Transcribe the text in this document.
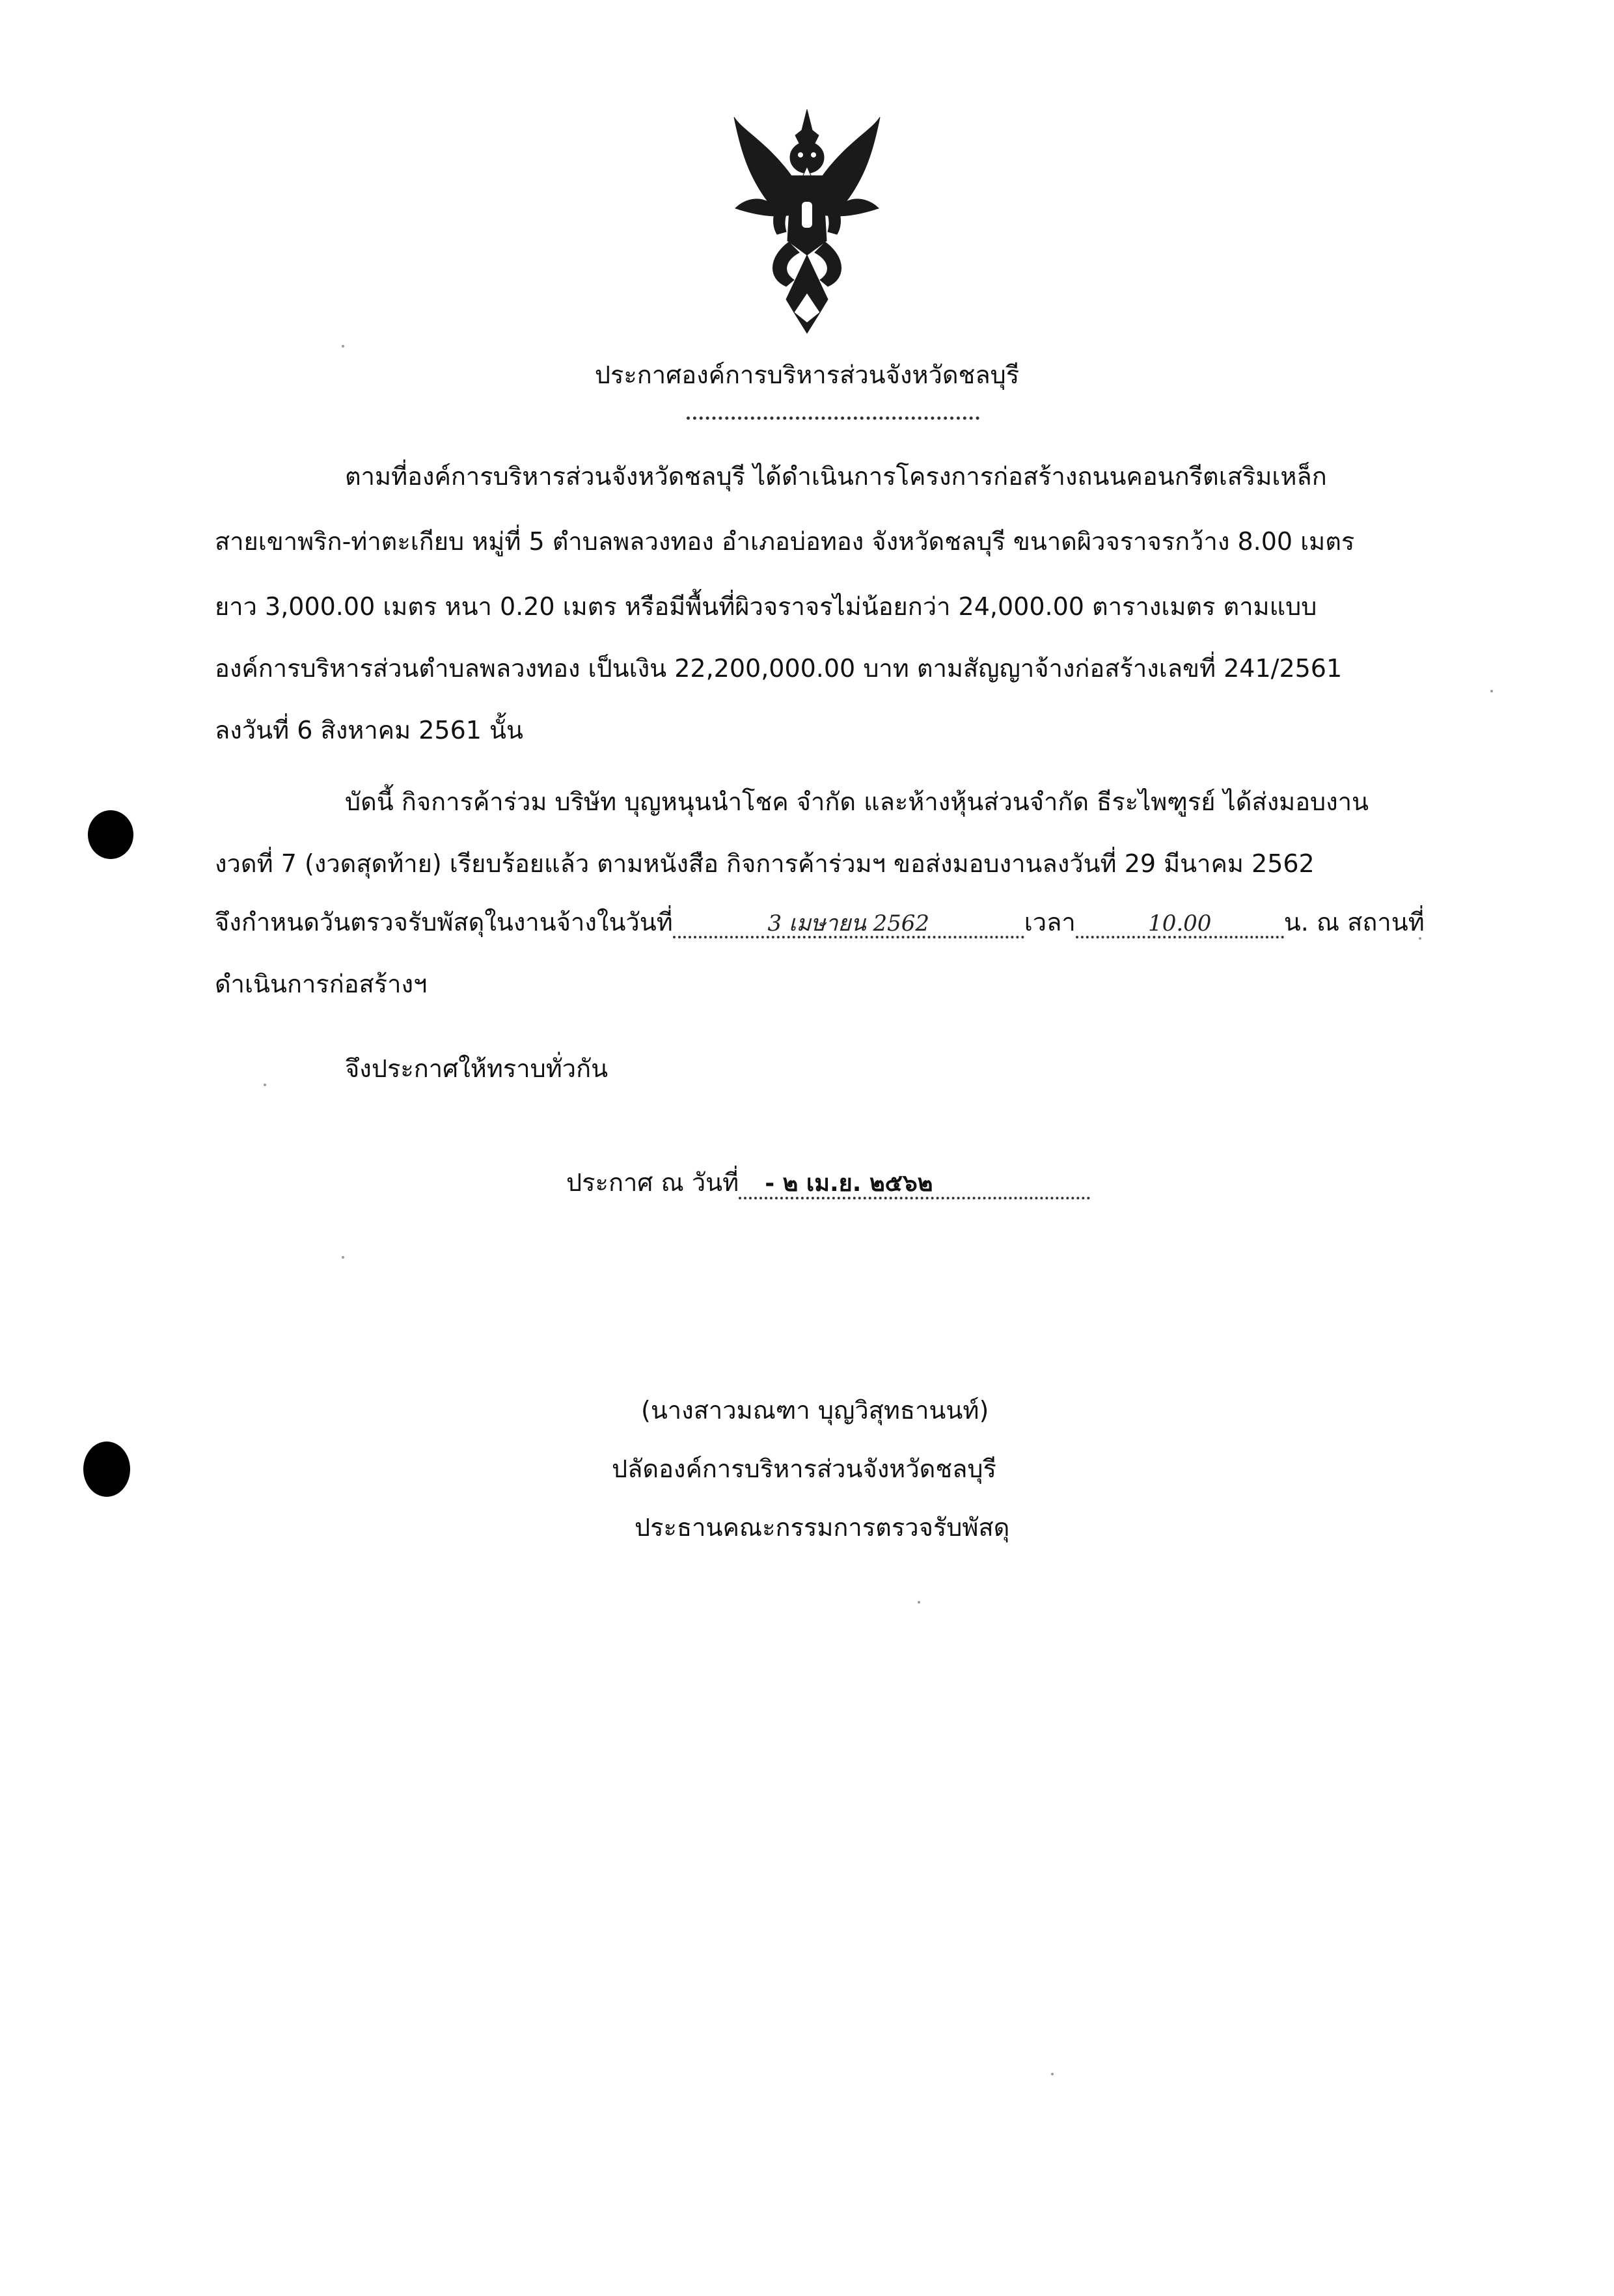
ประกาศองค์การบริหารส่วนจังหวัดชลบุรี
ตามที่องค์การบริหารส่วนจังหวัดชลบุรี ได้ดำเนินการโครงการก่อสร้างถนนคอนกรีตเสริมเหล็ก
สายเขาพริก-ท่าตะเกียบ หมู่ที่ 5 ตำบลพลวงทอง อำเภอบ่อทอง จังหวัดชลบุรี ขนาดผิวจราจรกว้าง 8.00 เมตร
ยาว 3,000.00 เมตร หนา 0.20 เมตร หรือมีพื้นที่ผิวจราจรไม่น้อยกว่า 24,000.00 ตารางเมตร ตามแบบ
องค์การบริหารส่วนตำบลพลวงทอง เป็นเงิน 22,200,000.00 บาท ตามสัญญาจ้างก่อสร้างเลขที่ 241/2561
ลงวันที่ 6 สิงหาคม 2561 นั้น
บัดนี้ กิจการค้าร่วม บริษัท บุญหนุนนำโชค จำกัด และห้างหุ้นส่วนจำกัด ธีระไพฑูรย์ ได้ส่งมอบงาน
งวดที่ 7 (งวดสุดท้าย) เรียบร้อยแล้ว ตามหนังสือ กิจการค้าร่วมฯ ขอส่งมอบงานลงวันที่ 29 มีนาคม 2562
จึงกำหนดวันตรวจรับพัสดุในงานจ้างในวันที่	3 เมษายน 2562	เวลา	10.00	น. ณ สถานที่
ดำเนินการก่อสร้างฯ
จึงประกาศให้ทราบทั่วกัน
ประกาศ ณ วันที่ - ๒ เม.ย. ๒๕๖๒
(นางสาวมณฑา บุญวิสุทธานนท์)
ปลัดองค์การบริหารส่วนจังหวัดชลบุรี
ประธานคณะกรรมการตรวจรับพัสดุ
